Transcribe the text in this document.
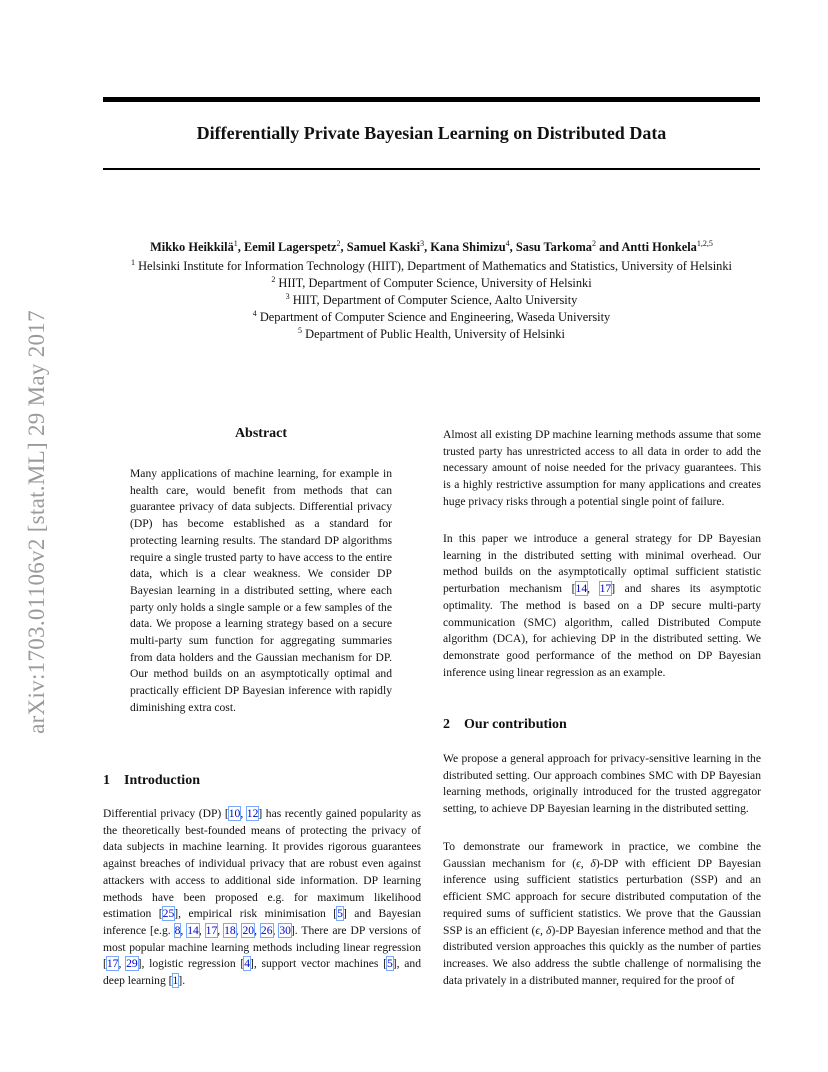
arXiv:1703.01106v2 [stat.ML] 29 May 2017
Differentially Private Bayesian Learning on Distributed Data
Mikko Heikkilä$^1$, Eemil Lagerspetz$^2$, Samuel Kaski$^3$, Kana Shimizu$^4$, Sasu Tarkoma$^2$ and Antti Honkela$^{1,2,5}$
$^1$ Helsinki Institute for Information Technology (HIIT), Department of Mathematics and Statistics, University of Helsinki
$^2$ HIIT, Department of Computer Science, University of Helsinki
$^3$ HIIT, Department of Computer Science, Aalto University
$^4$ Department of Computer Science and Engineering, Waseda University
$^5$ Department of Public Health, University of Helsinki
Abstract

Many applications of machine learning, for example in health care, would benefit from methods that can guarantee privacy of data subjects. Differential privacy (DP) has become established as a standard for protecting learning results. The standard DP algorithms require a single trusted party to have access to the entire data, which is a clear weakness. We consider DP Bayesian learning in a distributed setting, where each party only holds a single sample or a few samples of the data. We propose a learning strategy based on a secure multi-party sum function for aggregating summaries from data holders and the Gaussian mechanism for DP. Our method builds on an asymptotically optimal and practically efficient DP Bayesian inference with rapidly diminishing extra cost.

1 Introduction

Differential privacy (DP) [10, 12] has recently gained popularity as the theoretically best-founded means of protecting the privacy of data subjects in machine learning. It provides rigorous guarantees against breaches of individual privacy that are robust even against attackers with access to additional side information. DP learning methods have been proposed e.g. for maximum likelihood estimation [25], empirical risk minimisation [5] and Bayesian inference [e.g. 8, 14, 17, 18, 20, 26, 30]. There are DP versions of most popular machine learning methods including linear regression [17, 29], logistic regression [4], support vector machines [5], and deep learning [1].

Almost all existing DP machine learning methods assume that some trusted party has unrestricted access to all data in order to add the necessary amount of noise needed for the privacy guarantees. This is a highly restrictive assumption for many applications and creates huge privacy risks through a potential single point of failure.

In this paper we introduce a general strategy for DP Bayesian learning in the distributed setting with minimal overhead. Our method builds on the asymptotically optimal sufficient statistic perturbation mechanism [14, 17] and shares its asymptotic optimality. The method is based on a DP secure multi-party communication (SMC) algorithm, called Distributed Compute algorithm (DCA), for achieving DP in the distributed setting. We demonstrate good performance of the method on DP Bayesian inference using linear regression as an example.

2 Our contribution

We propose a general approach for privacy-sensitive learning in the distributed setting. Our approach combines SMC with DP Bayesian learning methods, originally introduced for the trusted aggregator setting, to achieve DP Bayesian learning in the distributed setting.

To demonstrate our framework in practice, we combine the Gaussian mechanism for (ϵ, δ)-DP with efficient DP Bayesian inference using sufficient statistics perturbation (SSP) and an efficient SMC approach for secure distributed computation of the required sums of sufficient statistics. We prove that the Gaussian SSP is an efficient (ϵ, δ)-DP Bayesian inference method and that the distributed version approaches this quickly as the number of parties increases. We also address the subtle challenge of normalising the data privately in a distributed manner, required for the proof of
